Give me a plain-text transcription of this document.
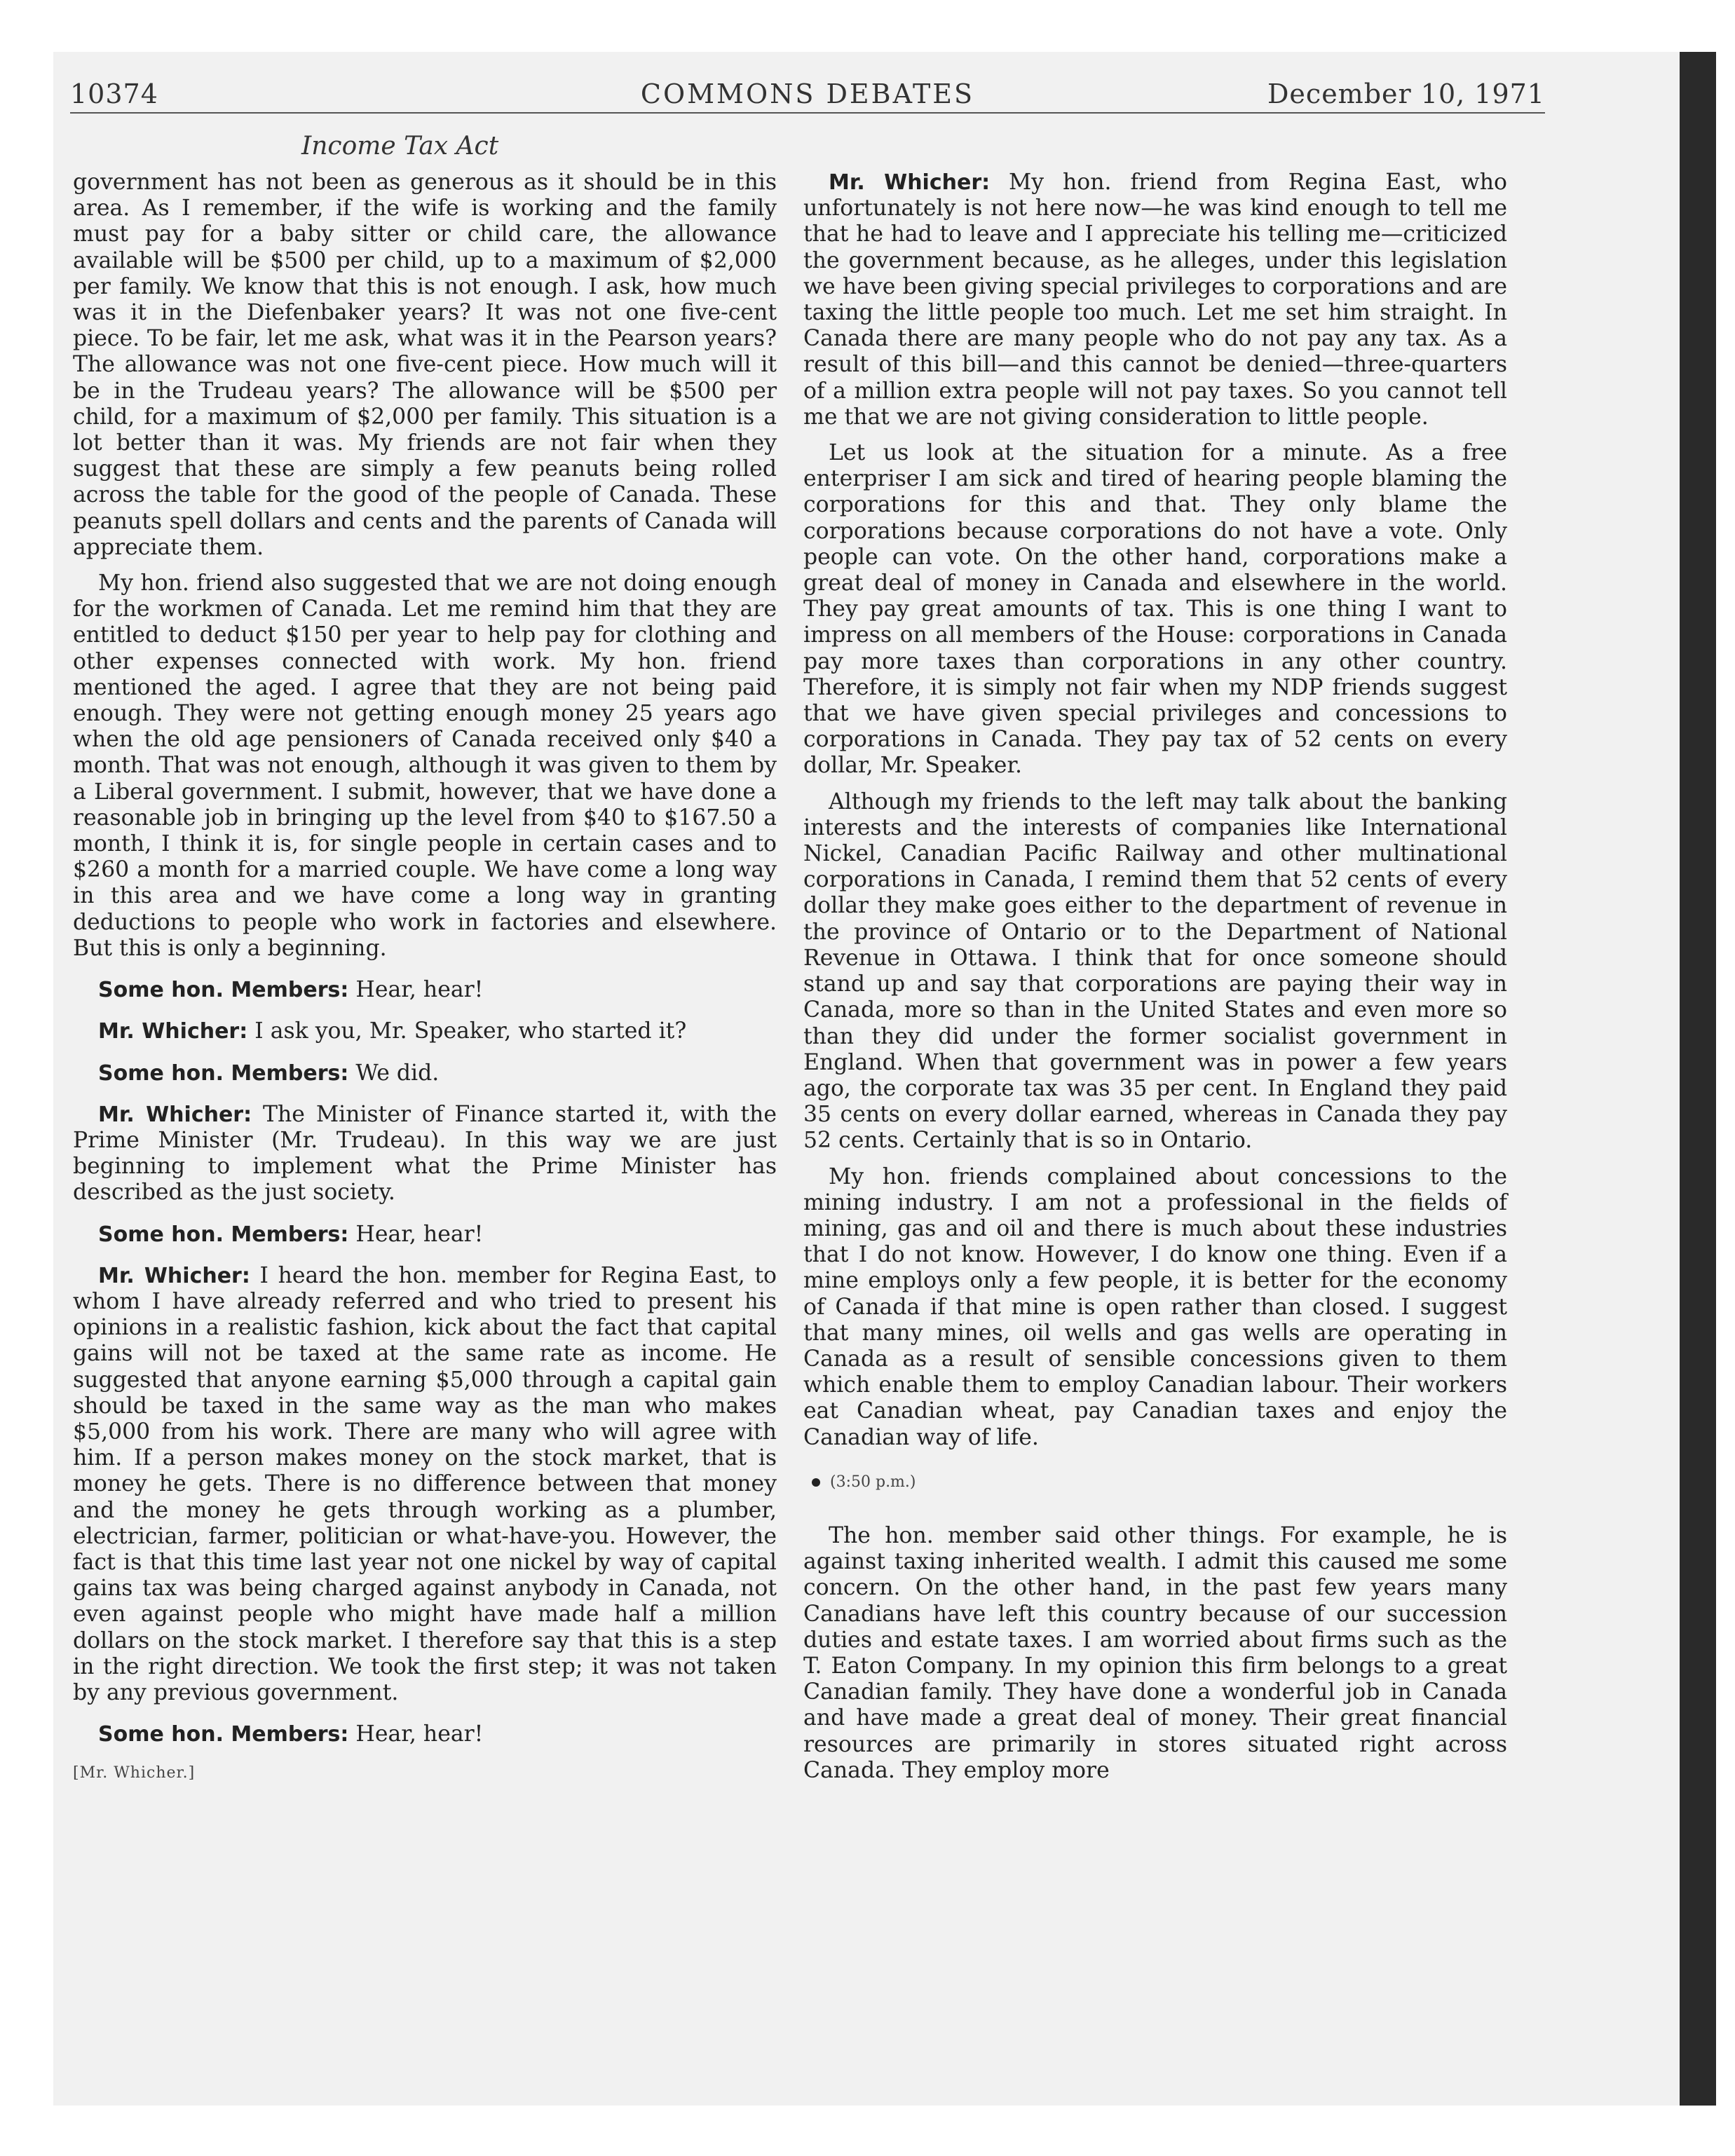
10374	COMMONS DEBATES	December 10, 1971
Income Tax Act

government has not been as generous as it should be in this area. As I remember, if the wife is working and the family must pay for a baby sitter or child care, the allowance available will be $500 per child, up to a maximum of $2,000 per family. We know that this is not enough. I ask, how much was it in the Diefenbaker years? It was not one five-cent piece. To be fair, let me ask, what was it in the Pearson years? The allowance was not one five-cent piece. How much will it be in the Trudeau years? The allowance will be $500 per child, for a maximum of $2,000 per family. This situation is a lot better than it was. My friends are not fair when they suggest that these are simply a few peanuts being rolled across the table for the good of the people of Canada. These peanuts spell dollars and cents and the parents of Canada will appreciate them.

My hon. friend also suggested that we are not doing enough for the workmen of Canada. Let me remind him that they are entitled to deduct $150 per year to help pay for clothing and other expenses connected with work. My hon. friend mentioned the aged. I agree that they are not being paid enough. They were not getting enough money 25 years ago when the old age pensioners of Canada received only $40 a month. That was not enough, although it was given to them by a Liberal government. I submit, however, that we have done a reasonable job in bringing up the level from $40 to $167.50 a month, I think it is, for single people in certain cases and to $260 a month for a married couple. We have come a long way in this area and we have come a long way in granting deductions to people who work in factories and elsewhere. But this is only a beginning.

Some hon. Members: Hear, hear!

Mr. Whicher: I ask you, Mr. Speaker, who started it?

Some hon. Members: We did.

Mr. Whicher: The Minister of Finance started it, with the Prime Minister (Mr. Trudeau). In this way we are just beginning to implement what the Prime Minister has described as the just society.

Some hon. Members: Hear, hear!

Mr. Whicher: I heard the hon. member for Regina East, to whom I have already referred and who tried to present his opinions in a realistic fashion, kick about the fact that capital gains will not be taxed at the same rate as income. He suggested that anyone earning $5,000 through a capital gain should be taxed in the same way as the man who makes $5,000 from his work. There are many who will agree with him. If a person makes money on the stock market, that is money he gets. There is no difference between that money and the money he gets through working as a plumber, electrician, farmer, politician or what-have-you. However, the fact is that this time last year not one nickel by way of capital gains tax was being charged against anybody in Canada, not even against people who might have made half a million dollars on the stock market. I therefore say that this is a step in the right direction. We took the first step; it was not taken by any previous government.

Some hon. Members: Hear, hear!

[Mr. Whicher.]

Mr. Whicher: My hon. friend from Regina East, who unfortunately is not here now—he was kind enough to tell me that he had to leave and I appreciate his telling me—criticized the government because, as he alleges, under this legislation we have been giving special privileges to corporations and are taxing the little people too much. Let me set him straight. In Canada there are many people who do not pay any tax. As a result of this bill—and this cannot be denied—three-quarters of a million extra people will not pay taxes. So you cannot tell me that we are not giving consideration to little people.

Let us look at the situation for a minute. As a free enterpriser I am sick and tired of hearing people blaming the corporations for this and that. They only blame the corporations because corporations do not have a vote. Only people can vote. On the other hand, corporations make a great deal of money in Canada and elsewhere in the world. They pay great amounts of tax. This is one thing I want to impress on all members of the House: corporations in Canada pay more taxes than corporations in any other country. Therefore, it is simply not fair when my NDP friends suggest that we have given special privileges and concessions to corporations in Canada. They pay tax of 52 cents on every dollar, Mr. Speaker.

Although my friends to the left may talk about the banking interests and the interests of companies like International Nickel, Canadian Pacific Railway and other multinational corporations in Canada, I remind them that 52 cents of every dollar they make goes either to the department of revenue in the province of Ontario or to the Department of National Revenue in Ottawa. I think that for once someone should stand up and say that corporations are paying their way in Canada, more so than in the United States and even more so than they did under the former socialist government in England. When that government was in power a few years ago, the corporate tax was 35 per cent. In England they paid 35 cents on every dollar earned, whereas in Canada they pay 52 cents. Certainly that is so in Ontario.

My hon. friends complained about concessions to the mining industry. I am not a professional in the fields of mining, gas and oil and there is much about these industries that I do not know. However, I do know one thing. Even if a mine employs only a few people, it is better for the economy of Canada if that mine is open rather than closed. I suggest that many mines, oil wells and gas wells are operating in Canada as a result of sensible concessions given to them which enable them to employ Canadian labour. Their workers eat Canadian wheat, pay Canadian taxes and enjoy the Canadian way of life.

(3:50 p.m.)

The hon. member said other things. For example, he is against taxing inherited wealth. I admit this caused me some concern. On the other hand, in the past few years many Canadians have left this country because of our succession duties and estate taxes. I am worried about firms such as the T. Eaton Company. In my opinion this firm belongs to a great Canadian family. They have done a wonderful job in Canada and have made a great deal of money. Their great financial resources are primarily in stores situated right across Canada. They employ more
